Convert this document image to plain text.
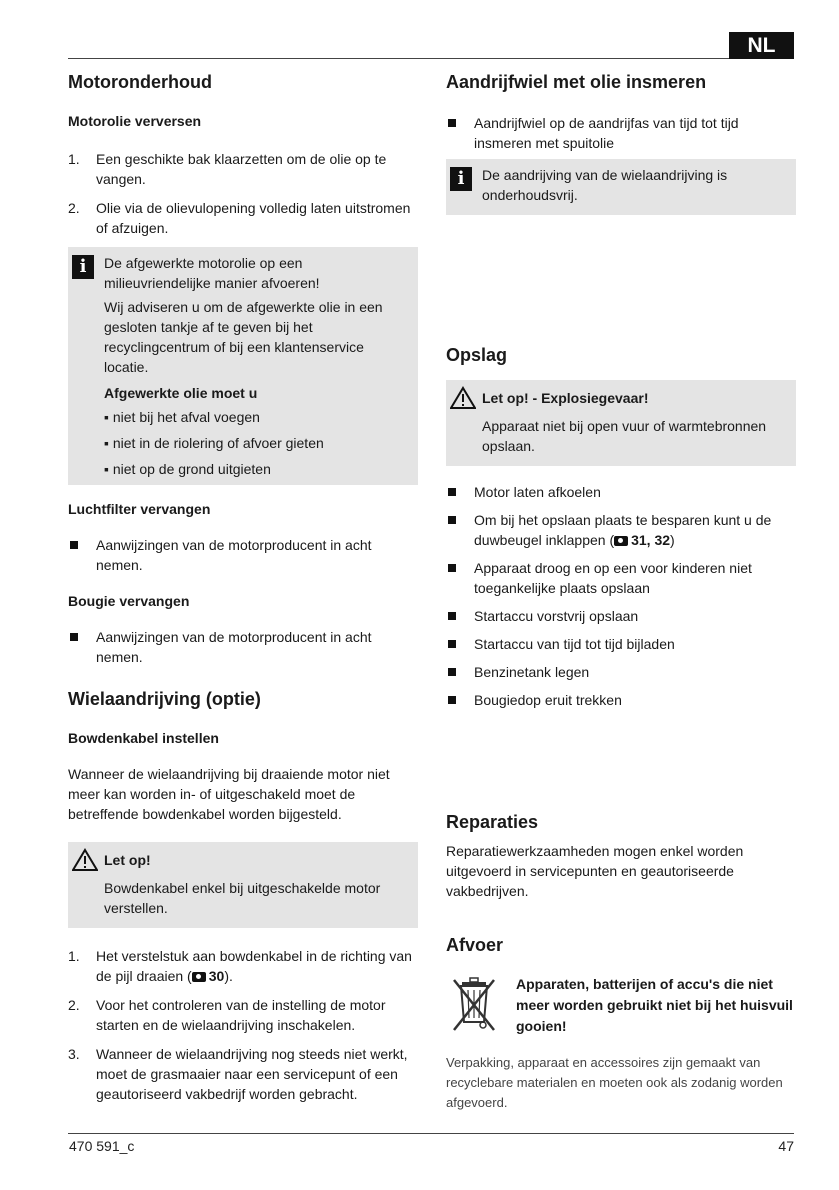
NL
Motoronderhoud
Motorolie verversen
1. Een geschikte bak klaarzetten om de olie op te vangen.
2. Olie via de olievulopening volledig laten uitstromen of afzuigen.
i	De afgewerkte motorolie op een milieuvriendelijke manier afvoeren!

Wij adviseren u om de afgewerkte olie in een gesloten tankje af te geven bij het recyclingcentrum of bij een klantenservice locatie.

Afgewerkte olie moet u

▪ niet bij het afval voegen
▪ niet in de riolering of afvoer gieten
▪ niet op de grond uitgieten
Luchtfilter vervangen
Aanwijzingen van de motorproducent in acht nemen.
Bougie vervangen
Aanwijzingen van de motorproducent in acht nemen.
Wielaandrijving (optie)
Bowdenkabel instellen

Wanneer de wielaandrijving bij draaiende motor niet meer kan worden in- of uitgeschakeld moet de betreffende bowdenkabel worden bijgesteld.

Let op!

Bowdenkabel enkel bij uitgeschakelde motor verstellen.

1. Het verstelstuk aan bowdenkabel in de richting van de pijl draaien ( 30).
2. Voor het controleren van de instelling de motor starten en de wielaandrijving inschakelen.
3. Wanneer de wielaandrijving nog steeds niet werkt, moet de grasmaaier naar een servicepunt of een geautoriseerd vakbedrijf worden gebracht.
Aandrijfwiel met olie insmeren
Aandrijfwiel op de aandrijfas van tijd tot tijd insmeren met spuitolie
i	De aandrijving van de wielaandrijving is onderhoudsvrij.

Opslag

Let op! - Explosiegevaar!

Apparaat niet bij open vuur of warmtebronnen opslaan.

Motor laten afkoelen
Om bij het opslaan plaats te besparen kunt u de duwbeugel inklappen ( 31, 32)
Apparaat droog en op een voor kinderen niet toegankelijke plaats opslaan
Startaccu vorstvrij opslaan
Startaccu van tijd tot tijd bijladen
Benzinetank legen
Bougiedop eruit trekken
Reparaties

Reparatiewerkzaamheden mogen enkel worden uitgevoerd in servicepunten en geautoriseerde vakbedrijven.

Afvoer

Apparaten, batterijen of accu's die niet meer worden gebruikt niet bij het huisvuil gooien!

Verpakking, apparaat en accessoires zijn gemaakt van recyclebare materialen en moeten ook als zodanig worden afgevoerd.

470 591_c	47
